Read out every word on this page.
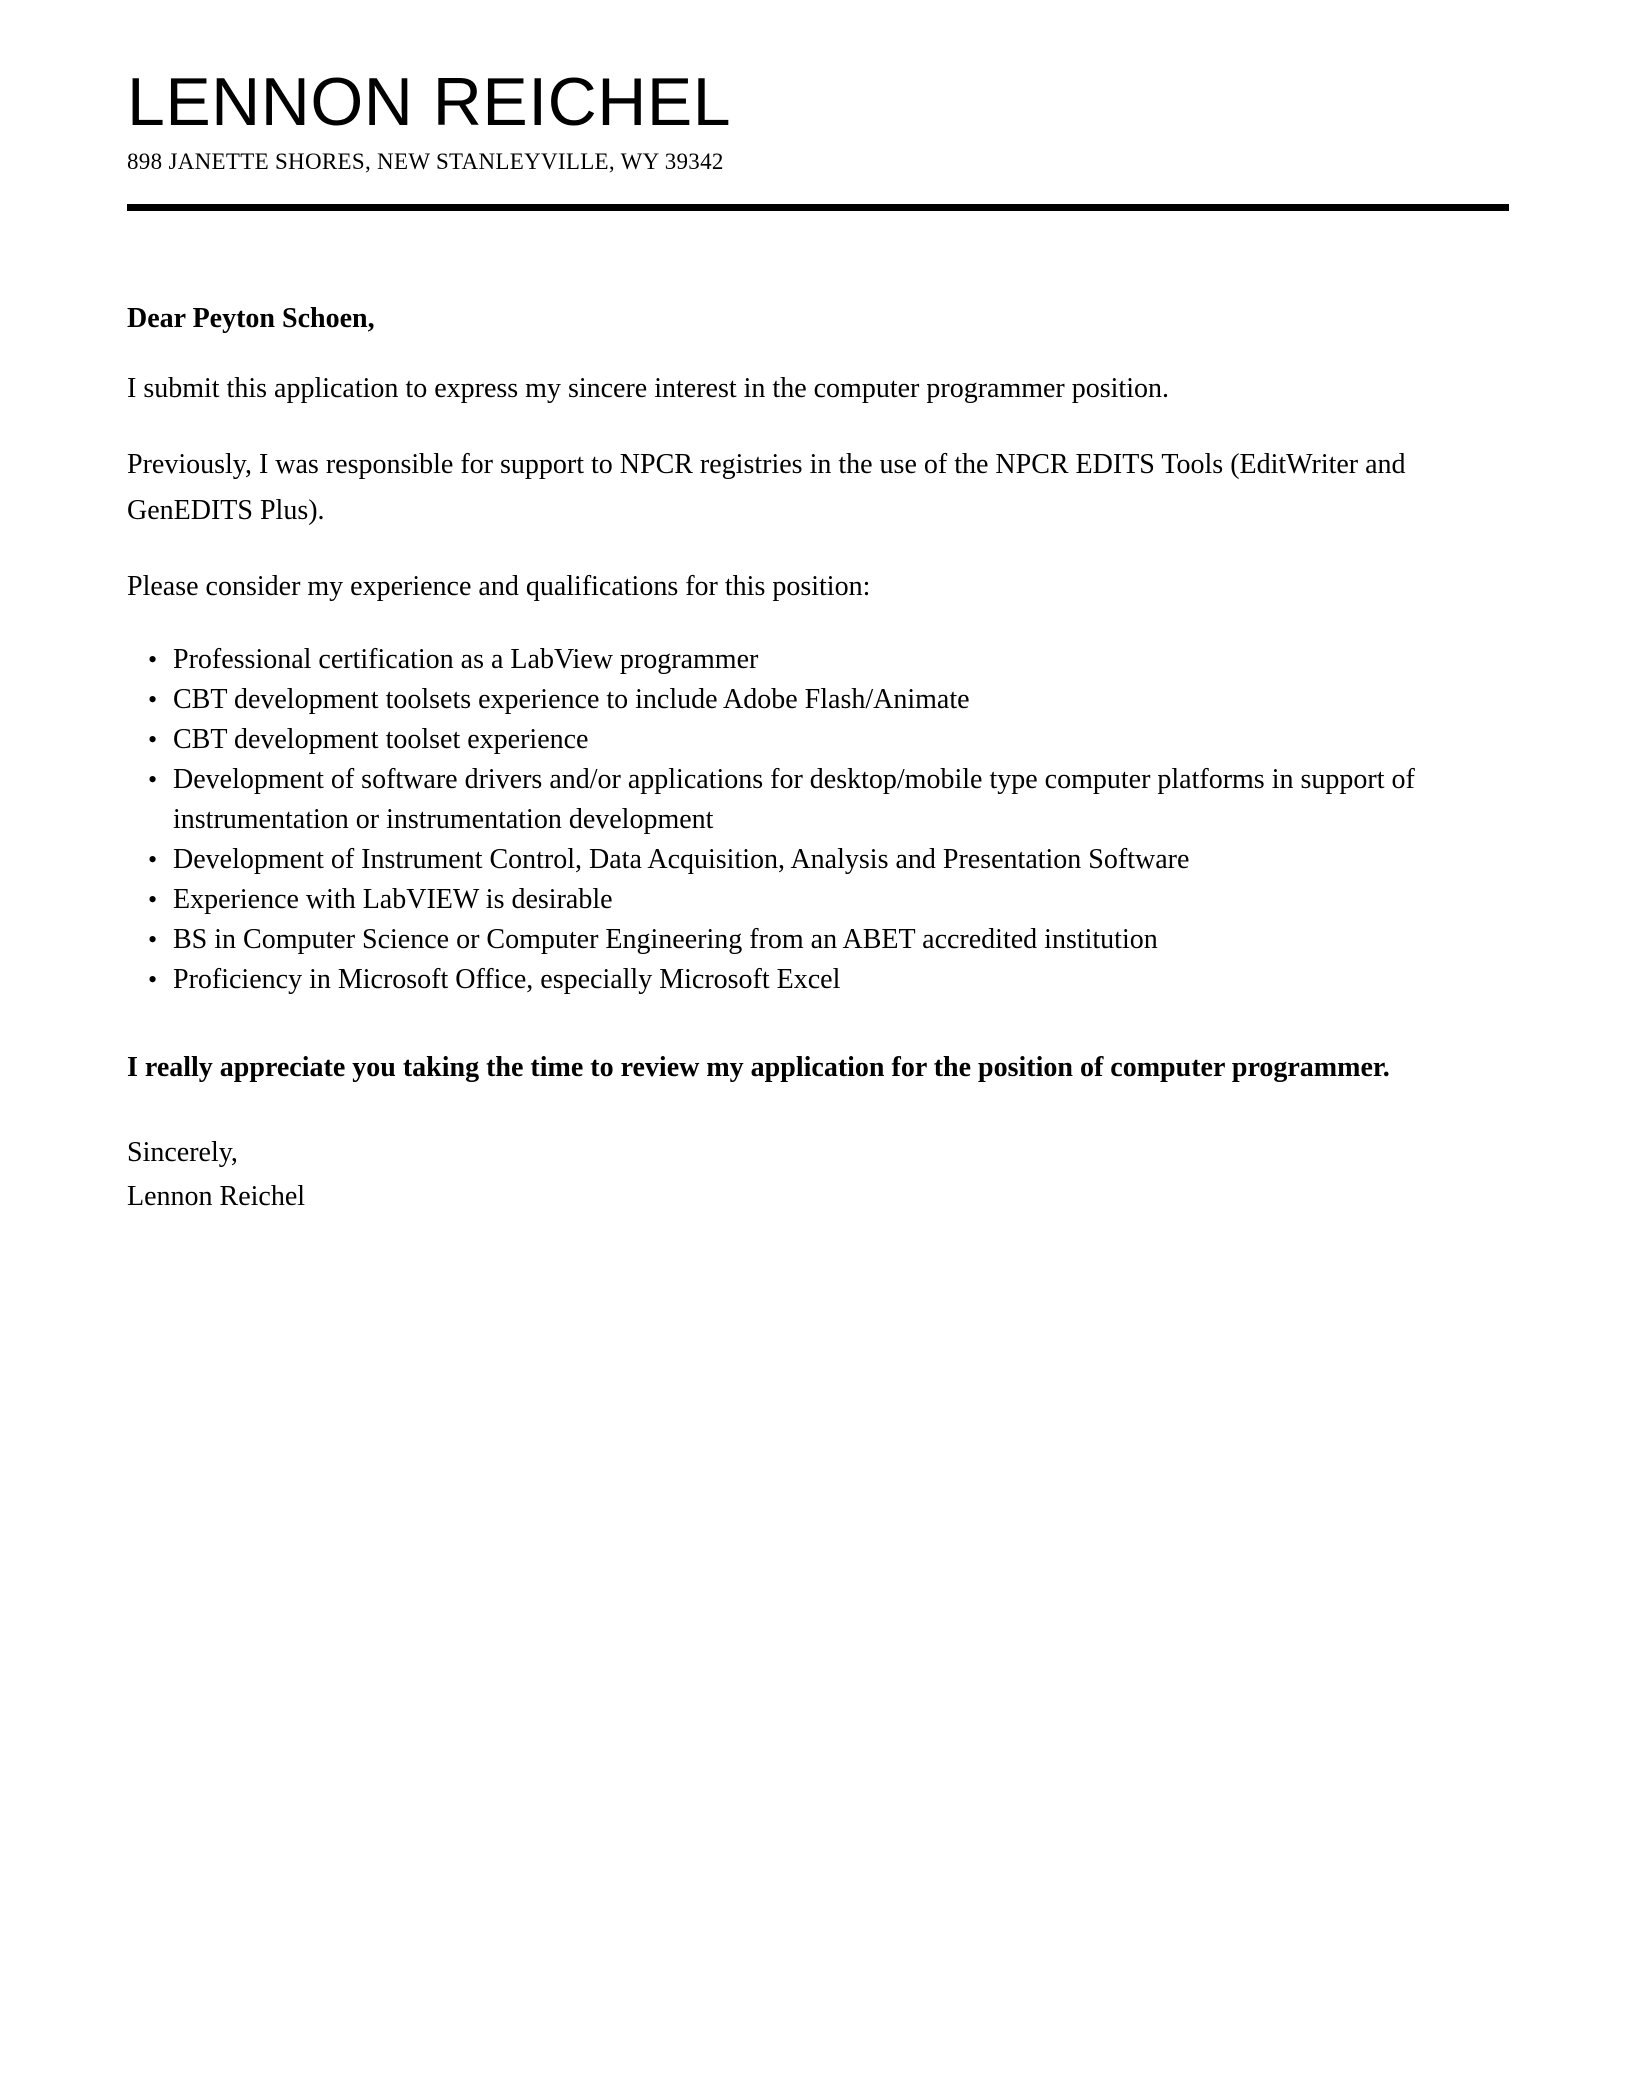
LENNON REICHEL
898 JANETTE SHORES, NEW STANLEYVILLE, WY 39342
Dear Peyton Schoen,

I submit this application to express my sincere interest in the computer programmer position.

Previously, I was responsible for support to NPCR registries in the use of the NPCR EDITS Tools (EditWriter and GenEDITS Plus).

Please consider my experience and qualifications for this position:

• Professional certification as a LabView programmer
• CBT development toolsets experience to include Adobe Flash/Animate
• CBT development toolset experience
• Development of software drivers and/or applications for desktop/mobile type computer platforms in support of instrumentation or instrumentation development
• Development of Instrument Control, Data Acquisition, Analysis and Presentation Software
• Experience with LabVIEW is desirable
• BS in Computer Science or Computer Engineering from an ABET accredited institution
• Proficiency in Microsoft Office, especially Microsoft Excel

I really appreciate you taking the time to review my application for the position of computer programmer.

Sincerely,
Lennon Reichel
